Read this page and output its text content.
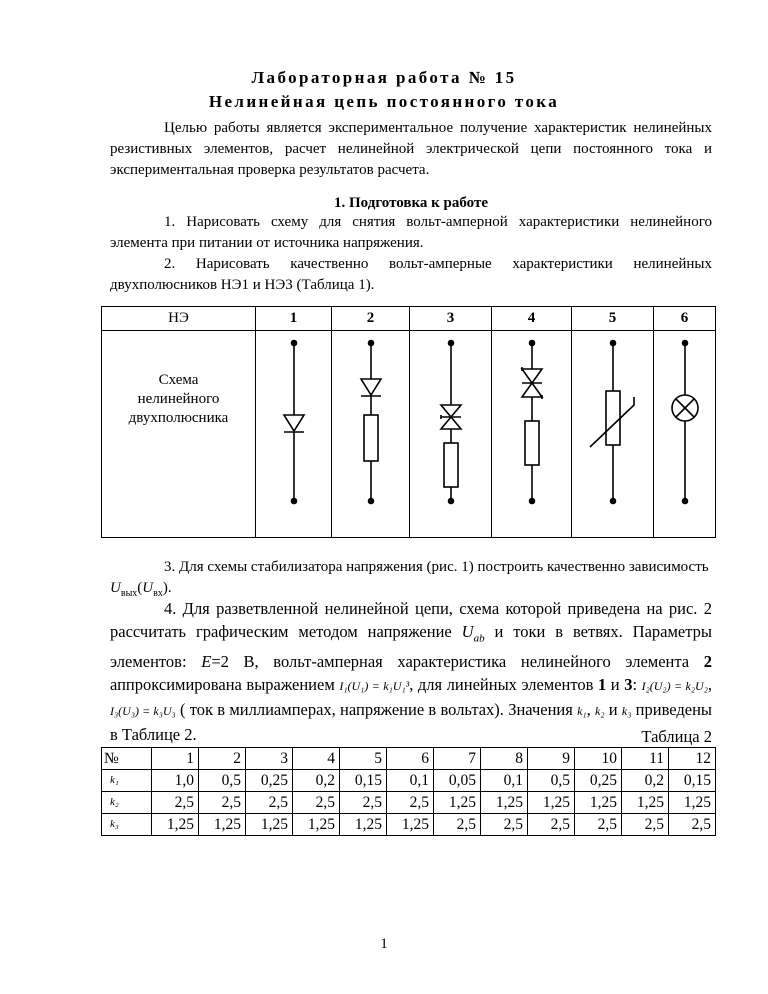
Лабораторная работа № 15
Нелинейная цепь постоянного тока
Целью работы является экспериментальное получение характеристик нелинейных резистивных элементов, расчет нелинейной электрической цепи постоянного тока и экспериментальная проверка результатов расчета.
1. Подготовка к работе
1. Нарисовать схему для снятия вольт-амперной характеристики нелинейного элемента при питании от источника напряжения.
2. Нарисовать качественно вольт-амперные характеристики нелинейных двухполюсников НЭ1 и НЭ3 (Таблица 1).
НЭ	1	2	3	4	5	6

Схема
нелинейного
двухполюсника

3. Для схемы стабилизатора напряжения (рис. 1) построить качественно зависимость $U_{вых}(U_{вх})$.
4. Для разветвленной нелинейной цепи, схема которой приведена на рис. 2 рассчитать графическим методом напряжение $U_{ab}$ и токи в ветвях. Параметры элементов: E=2 В, вольт-амперная характеристика нелинейного элемента 2 аппроксимирована выражением I₁(U₁) = k₁U₁³, для линейных элементов 1 и 3: I₂(U₂) = k₂U₂, I₃(U₃) = k₃U₃ ( ток в миллиамперах, напряжение в вольтах). Значения k₁, k₂ и k₃ приведены в Таблице 2.	Таблица 2
№	1	2	3	4	5	6	7	8	9	10	11	12
k₁	1,0	0,5	0,25	0,2	0,15	0,1	0,05	0,1	0,5	0,25	0,2	0,15
k₂	2,5	2,5	2,5	2,5	2,5	2,5	1,25	1,25	1,25	1,25	1,25	1,25
k₃	1,25	1,25	1,25	1,25	1,25	1,25	2,5	2,5	2,5	2,5	2,5	2,5
1
